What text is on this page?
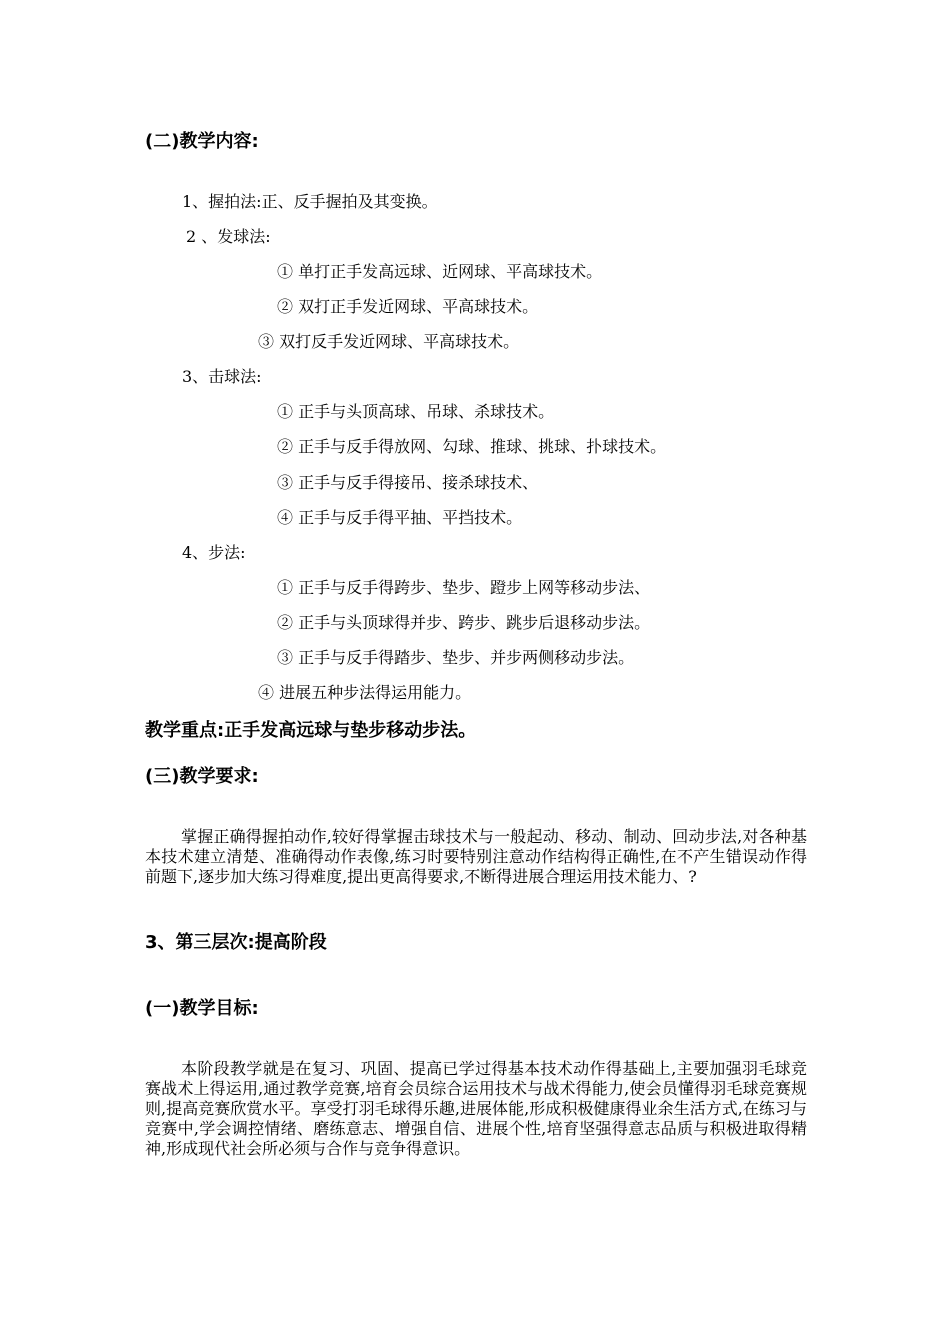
(二)教学内容:
1、握拍法:正、反手握拍及其变换。
2 、发球法:
① 单打正手发高远球、近网球、平高球技术。
② 双打正手发近网球、平高球技术。
③ 双打反手发近网球、平高球技术。
3、击球法:
① 正手与头顶高球、吊球、杀球技术。
② 正手与反手得放网、勾球、推球、挑球、扑球技术。
③ 正手与反手得接吊、接杀球技术、
④ 正手与反手得平抽、平挡技术。
4、步法:
① 正手与反手得跨步、垫步、蹬步上网等移动步法、
② 正手与头顶球得并步、跨步、跳步后退移动步法。
③ 正手与反手得踏步、垫步、并步两侧移动步法。
④ 进展五种步法得运用能力。
教学重点:正手发高远球与垫步移动步法。
(三)教学要求:
掌握正确得握拍动作,较好得掌握击球技术与一般起动、移动、制动、回动步法,对各种基本技术建立清楚、准确得动作表像,练习时要特别注意动作结构得正确性,在不产生错误动作得前题下,逐步加大练习得难度,提出更高得要求,不断得进展合理运用技术能力、?
3、第三层次:提高阶段
(一)教学目标:
本阶段教学就是在复习、巩固、提高已学过得基本技术动作得基础上,主要加强羽毛球竞赛战术上得运用,通过教学竞赛,培育会员综合运用技术与战术得能力,使会员懂得羽毛球竞赛规则,提高竞赛欣赏水平。享受打羽毛球得乐趣,进展体能,形成积极健康得业余生活方式,在练习与竞赛中,学会调控情绪、磨练意志、增强自信、进展个性,培育坚强得意志品质与积极进取得精神,形成现代社会所必须与合作与竞争得意识。
